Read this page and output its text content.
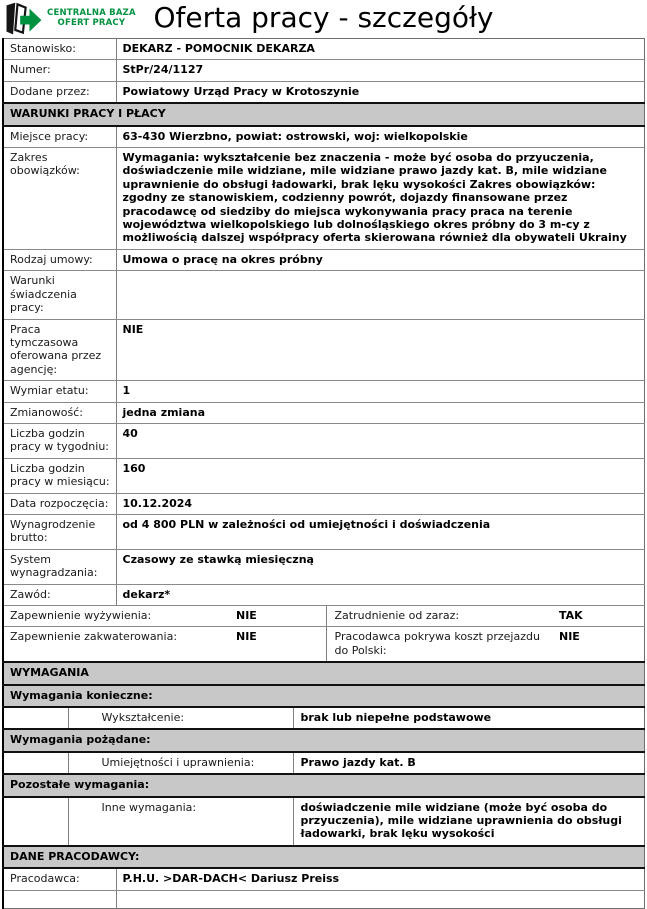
CENTRALNA BAZA
OFERT PRACY	Oferta pracy - szczegóły
Stanowisko:		DEKARZ - POMOCNIK DEKARZA				
Numer:		StPr/24/1127				
Dodane przez:		Powiatowy Urząd Pracy w Krotoszynie				
WARUNKI PRACY I PŁACY						
Miejsce pracy:		63-430 Wierzbno, powiat: ostrowski, woj: wielkopolskie				
Zakres obowiązków:		Wymagania: wykształcenie bez znaczenia - może być osoba do przyuczenia, doświadczenie mile widziane, mile widziane prawo jazdy kat. B, mile widziane uprawnienie do obsługi ładowarki, brak lęku wysokości Zakres obowiązków: zgodny ze stanowiskiem, codzienny powrót, dojazdy finansowane przez pracodawcę od siedziby do miejsca wykonywania pracy praca na terenie województwa wielkopolskiego lub dolnośląskiego okres próbny do 3 m-cy z możliwością dalszej współpracy oferta skierowana również dla obywateli Ukrainy				
Rodzaj umowy:		Umowa o pracę na okres próbny				
Warunki świadczenia pracy:						
Praca tymczasowa oferowana przez agencję:		NIE				
Wymiar etatu:		1				
Zmianowość:		jedna zmiana				
Liczba godzin pracy w tygodniu:		40				
Liczba godzin pracy w miesiącu:		160				
Data rozpoczęcia:		10.12.2024				
Wynagrodzenie brutto:		od 4 800 PLN w zależności od umiejętności i doświadczenia				
System wynagradzania:		Czasowy ze stawką miesięczną				
Zawód:		dekarz*				
Zapewnienie wyżywienia:			NIE		Zatrudnienie od zaraz:	TAK
Zapewnienie zakwaterowania:			NIE		Pracodawca pokrywa koszt przejazdu do Polski:	NIE
WYMAGANIA						
Wymagania konieczne:						
	Wykształcenie:			brak lub niepełne podstawowe		
Wymagania pożądane:						
	Umiejętności i uprawnienia:			Prawo jazdy kat. B		
Pozostałe wymagania:						
	Inne wymagania:			doświadczenie mile widziane (może być osoba do przyuczenia), mile widziane uprawnienia do obsługi ładowarki, brak lęku wysokości		
DANE PRACODAWCY:						
Pracodawca:		P.H.U. >DAR-DACH< Dariusz Preiss				
